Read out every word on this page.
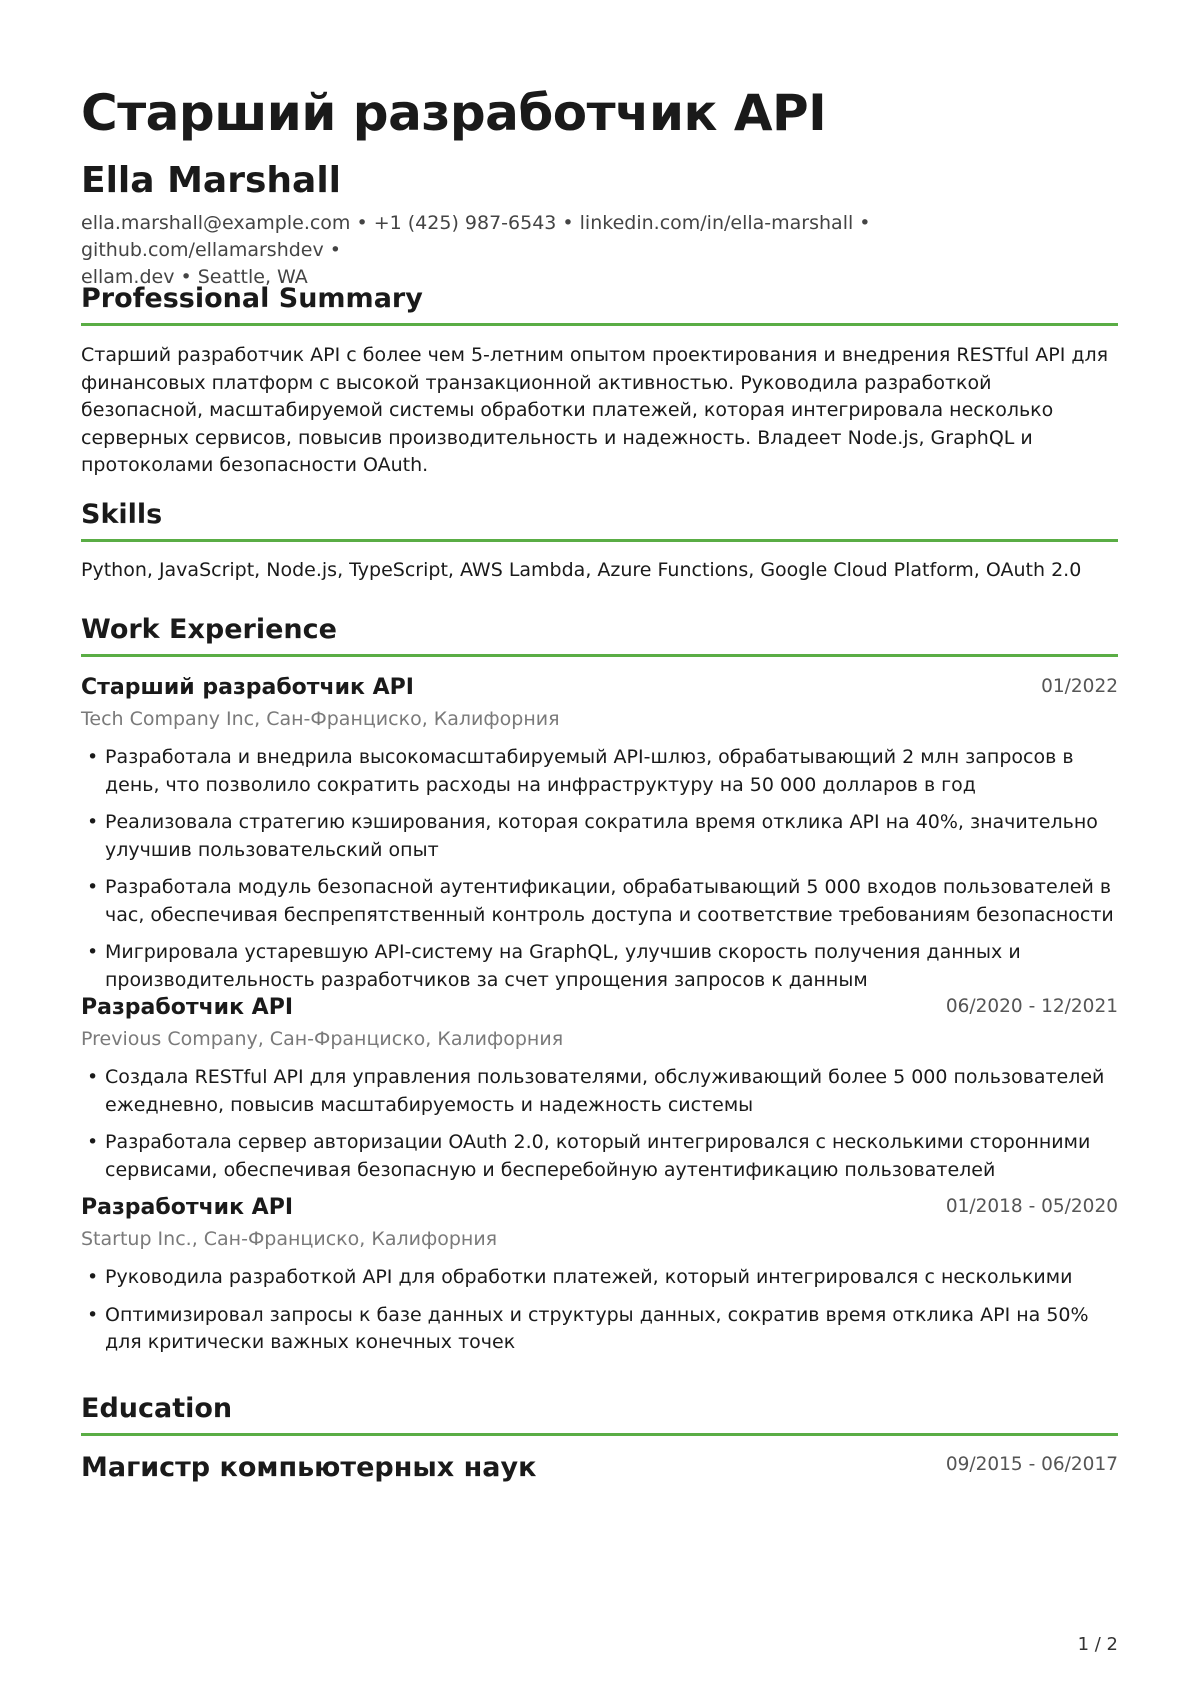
Старший разработчик API
Ella Marshall
ella.marshall@example.com • +1 (425) 987-6543 • linkedin.com/in/ella-marshall • github.com/ellamarshdev •
ellam.dev • Seattle, WA
Professional Summary

Старший разработчик API с более чем 5-летним опытом проектирования и внедрения RESTful API для финансовых платформ с высокой транзакционной активностью. Руководила разработкой безопасной, масштабируемой системы обработки платежей, которая интегрировала несколько серверных сервисов, повысив производительность и надежность. Владеет Node.js, GraphQL и протоколами безопасности OAuth.

Skills

Python, JavaScript, Node.js, TypeScript, AWS Lambda, Azure Functions, Google Cloud Platform, OAuth 2.0

Work Experience
Старший разработчик API	01/2022
Tech Company Inc, Сан-Франциско, Калифорния
• Разработала и внедрила высокомасштабируемый API-шлюз, обрабатывающий 2 млн запросов в день, что позволило сократить расходы на инфраструктуру на 50 000 долларов в год
• Реализовала стратегию кэширования, которая сократила время отклика API на 40%, значительно улучшив пользовательский опыт
• Разработала модуль безопасной аутентификации, обрабатывающий 5 000 входов пользователей в час, обеспечивая беспрепятственный контроль доступа и соответствие требованиям безопасности
• Мигрировала устаревшую API-систему на GraphQL, улучшив скорость получения данных и производительность разработчиков за счет упрощения запросов к данным
Разработчик API	06/2020 - 12/2021
Previous Company, Сан-Франциско, Калифорния
• Создала RESTful API для управления пользователями, обслуживающий более 5 000 пользователей ежедневно, повысив масштабируемость и надежность системы
• Разработала сервер авторизации OAuth 2.0, который интегрировался с несколькими сторонними сервисами, обеспечивая безопасную и бесперебойную аутентификацию пользователей
Разработчик API	01/2018 - 05/2020
Startup Inc., Сан-Франциско, Калифорния
• Руководила разработкой API для обработки платежей, который интегрировался с несколькими
• Оптимизировал запросы к базе данных и структуры данных, сократив время отклика API на 50% для критически важных конечных точек
Education
Магистр компьютерных наук	09/2015 - 06/2017
1 / 2
